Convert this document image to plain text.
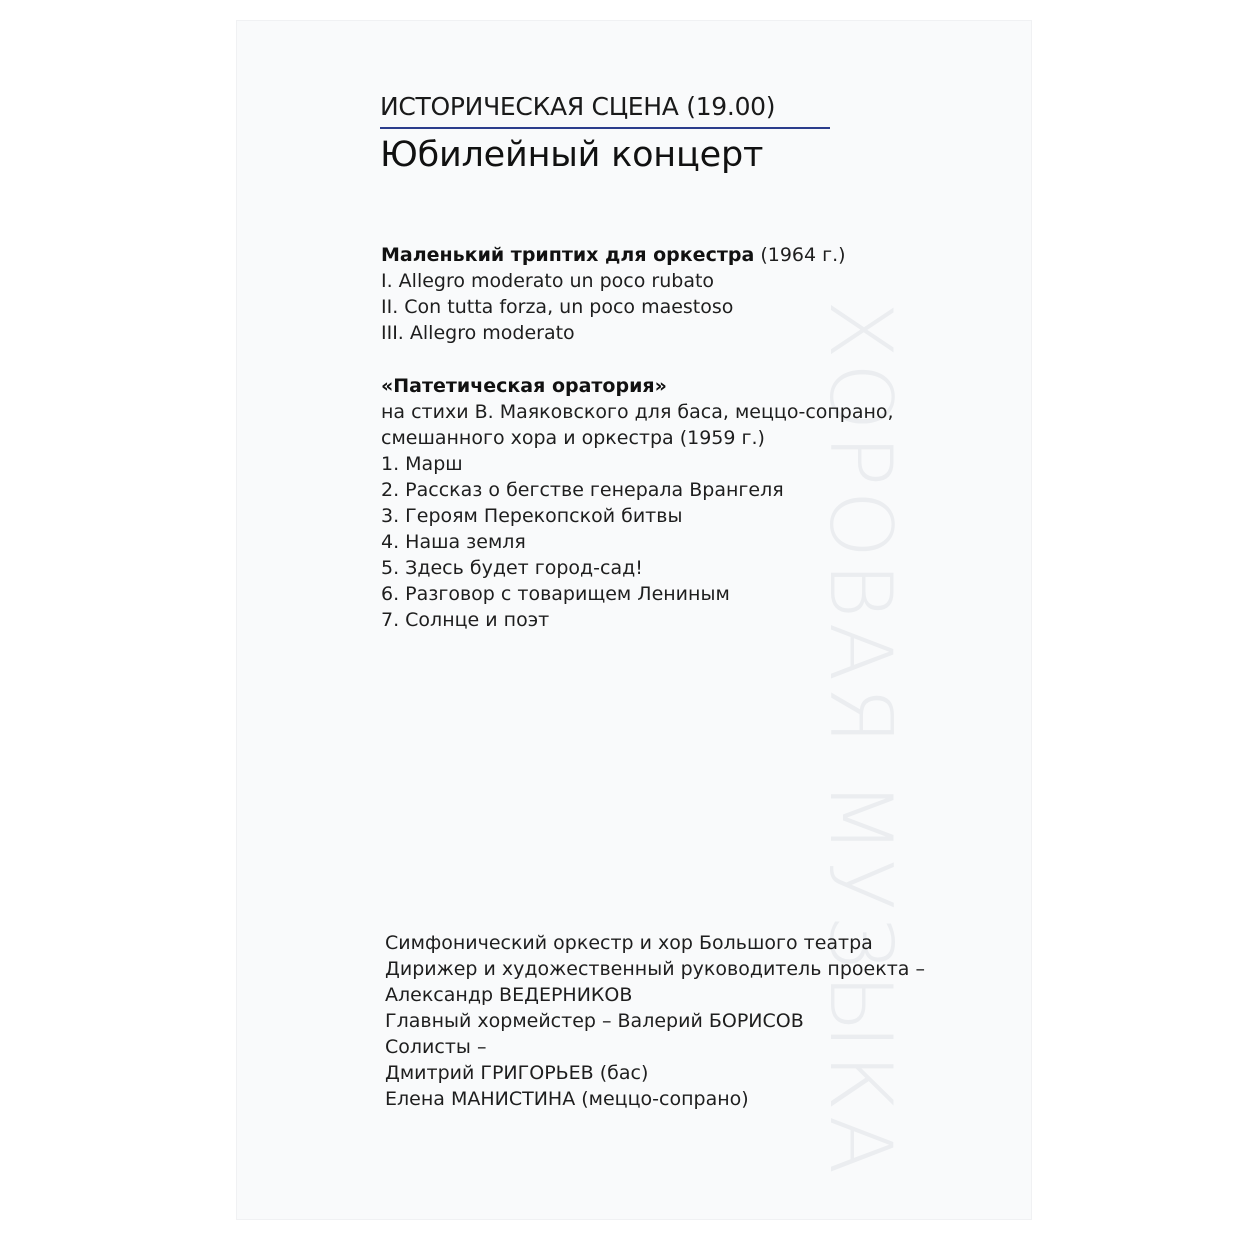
ХОРОВАЯ МУЗЫКА
ИСТОРИЧЕСКАЯ СЦЕНА (19.00)
Юбилейный концерт
Маленький триптих для оркестра (1964 г.)
I. Allegro moderato un poco rubato
II. Con tutta forza, un poco maestoso
III. Allegro moderato
«Патетическая оратория»
на стихи В. Маяковского для баса, меццо-сопрано,
смешанного хора и оркестра (1959 г.)
1. Марш
2. Рассказ о бегстве генерала Врангеля
3. Героям Перекопской битвы
4. Наша земля
5. Здесь будет город-сад!
6. Разговор с товарищем Лениным
7. Солнце и поэт
Симфонический оркестр и хор Большого театра
Дирижер и художественный руководитель проекта –
Александр ВЕДЕРНИКОВ
Главный хормейстер – Валерий БОРИСОВ
Солисты –
Дмитрий ГРИГОРЬЕВ (бас)
Елена МАНИСТИНА (меццо-сопрано)
